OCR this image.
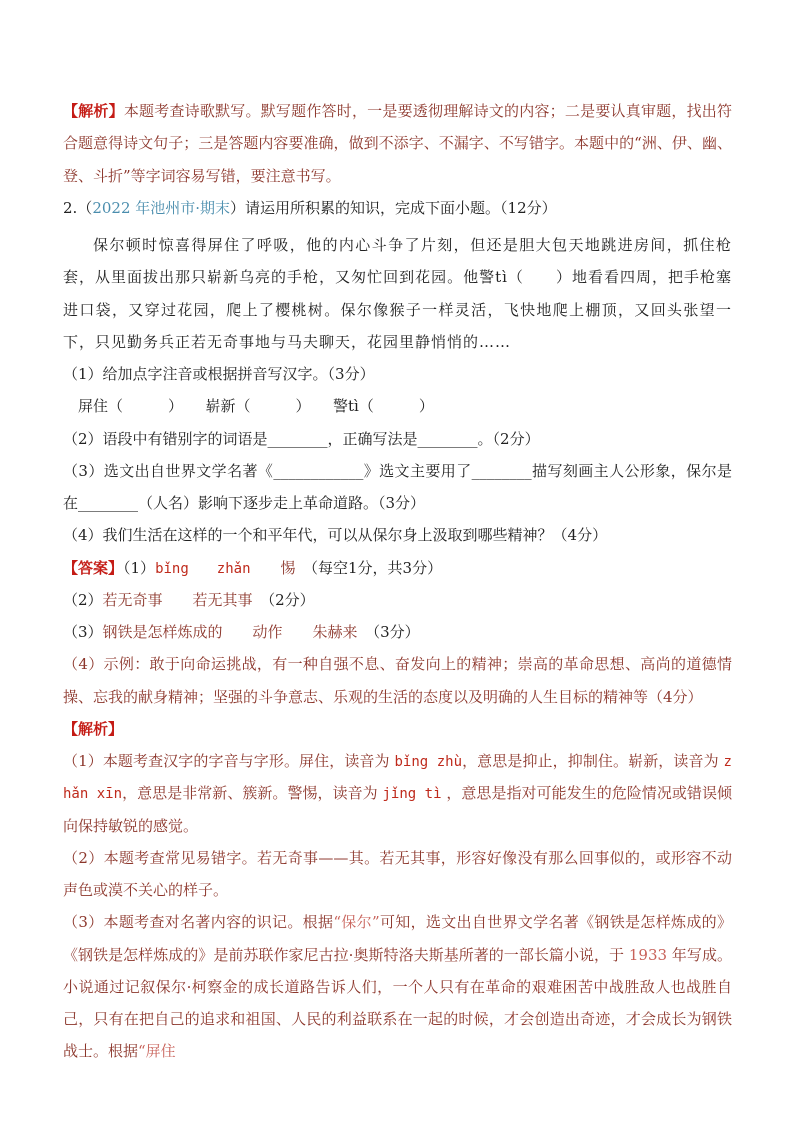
【解析】本题考查诗歌默写。默写题作答时，一是要透彻理解诗文的内容；二是要认真审题，找出符合题意得诗文句子；三是答题内容要准确，做到不添字、不漏字、不写错字。本题中的“洲、伊、幽、登、斗折”等字词容易写错，要注意书写。

2.（2022 年池州市·期末）请运用所积累的知识，完成下面小题。（12分）

保尔顿时惊喜得屏住了呼吸，他的内心斗争了片刻，但还是胆大包天地跳进房间，抓住枪套，从里面拔出那只崭新乌亮的手枪，又匆忙回到花园。他警tì（　　）地看看四周，把手枪塞进口袋，又穿过花园，爬上了樱桃树。保尔像猴子一样灵活，飞快地爬上棚顶，又回头张望一下，只见勤务兵正若无奇事地与马夫聊天，花园里静悄悄的……

（1）给加点字注音或根据拼音写汉字。（3分）

　屏住（　　　）　　崭新（　　　）　　警tì（　　　）

（2）语段中有错别字的词语是________，正确写法是________。（2分）

（3）选文出自世界文学名著《____________》选文主要用了________描写刻画主人公形象，保尔是在________（人名）影响下逐步走上革命道路。（3分）

（4）我们生活在这样的一个和平年代，可以从保尔身上汲取到哪些精神？（4分）

【答案】（1）bǐng　　zhǎn　　惕　（每空1分，共3分）

（2）若无奇事　　若无其事　（2分）

（3）钢铁是怎样炼成的　　动作　　朱赫来　（3分）

（4）示例：敢于向命运挑战，有一种自强不息、奋发向上的精神；崇高的革命思想、高尚的道德情操、忘我的献身精神；坚强的斗争意志、乐观的生活的态度以及明确的人生目标的精神等（4分）

【解析】

（1）本题考查汉字的字音与字形。屏住，读音为 bǐng zhù，意思是抑止，抑制住。崭新，读音为 zhǎn xīn，意思是非常新、簇新。警惕，读音为 jǐng tì ，意思是指对可能发生的危险情况或错误倾向保持敏锐的感觉。

（2）本题考查常见易错字。若无奇事——其。若无其事，形容好像没有那么回事似的，或形容不动声色或漠不关心的样子。

（3）本题考查对名著内容的识记。根据“保尔”可知，选文出自世界文学名著《钢铁是怎样炼成的》《钢铁是怎样炼成的》是前苏联作家尼古拉·奥斯特洛夫斯基所著的一部长篇小说，于 1933 年写成。小说通过记叙保尔·柯察金的成长道路告诉人们，一个人只有在革命的艰难困苦中战胜敌人也战胜自己，只有在把自己的追求和祖国、人民的利益联系在一起的时候，才会创造出奇迹，才会成长为钢铁战士。根据“屏住
